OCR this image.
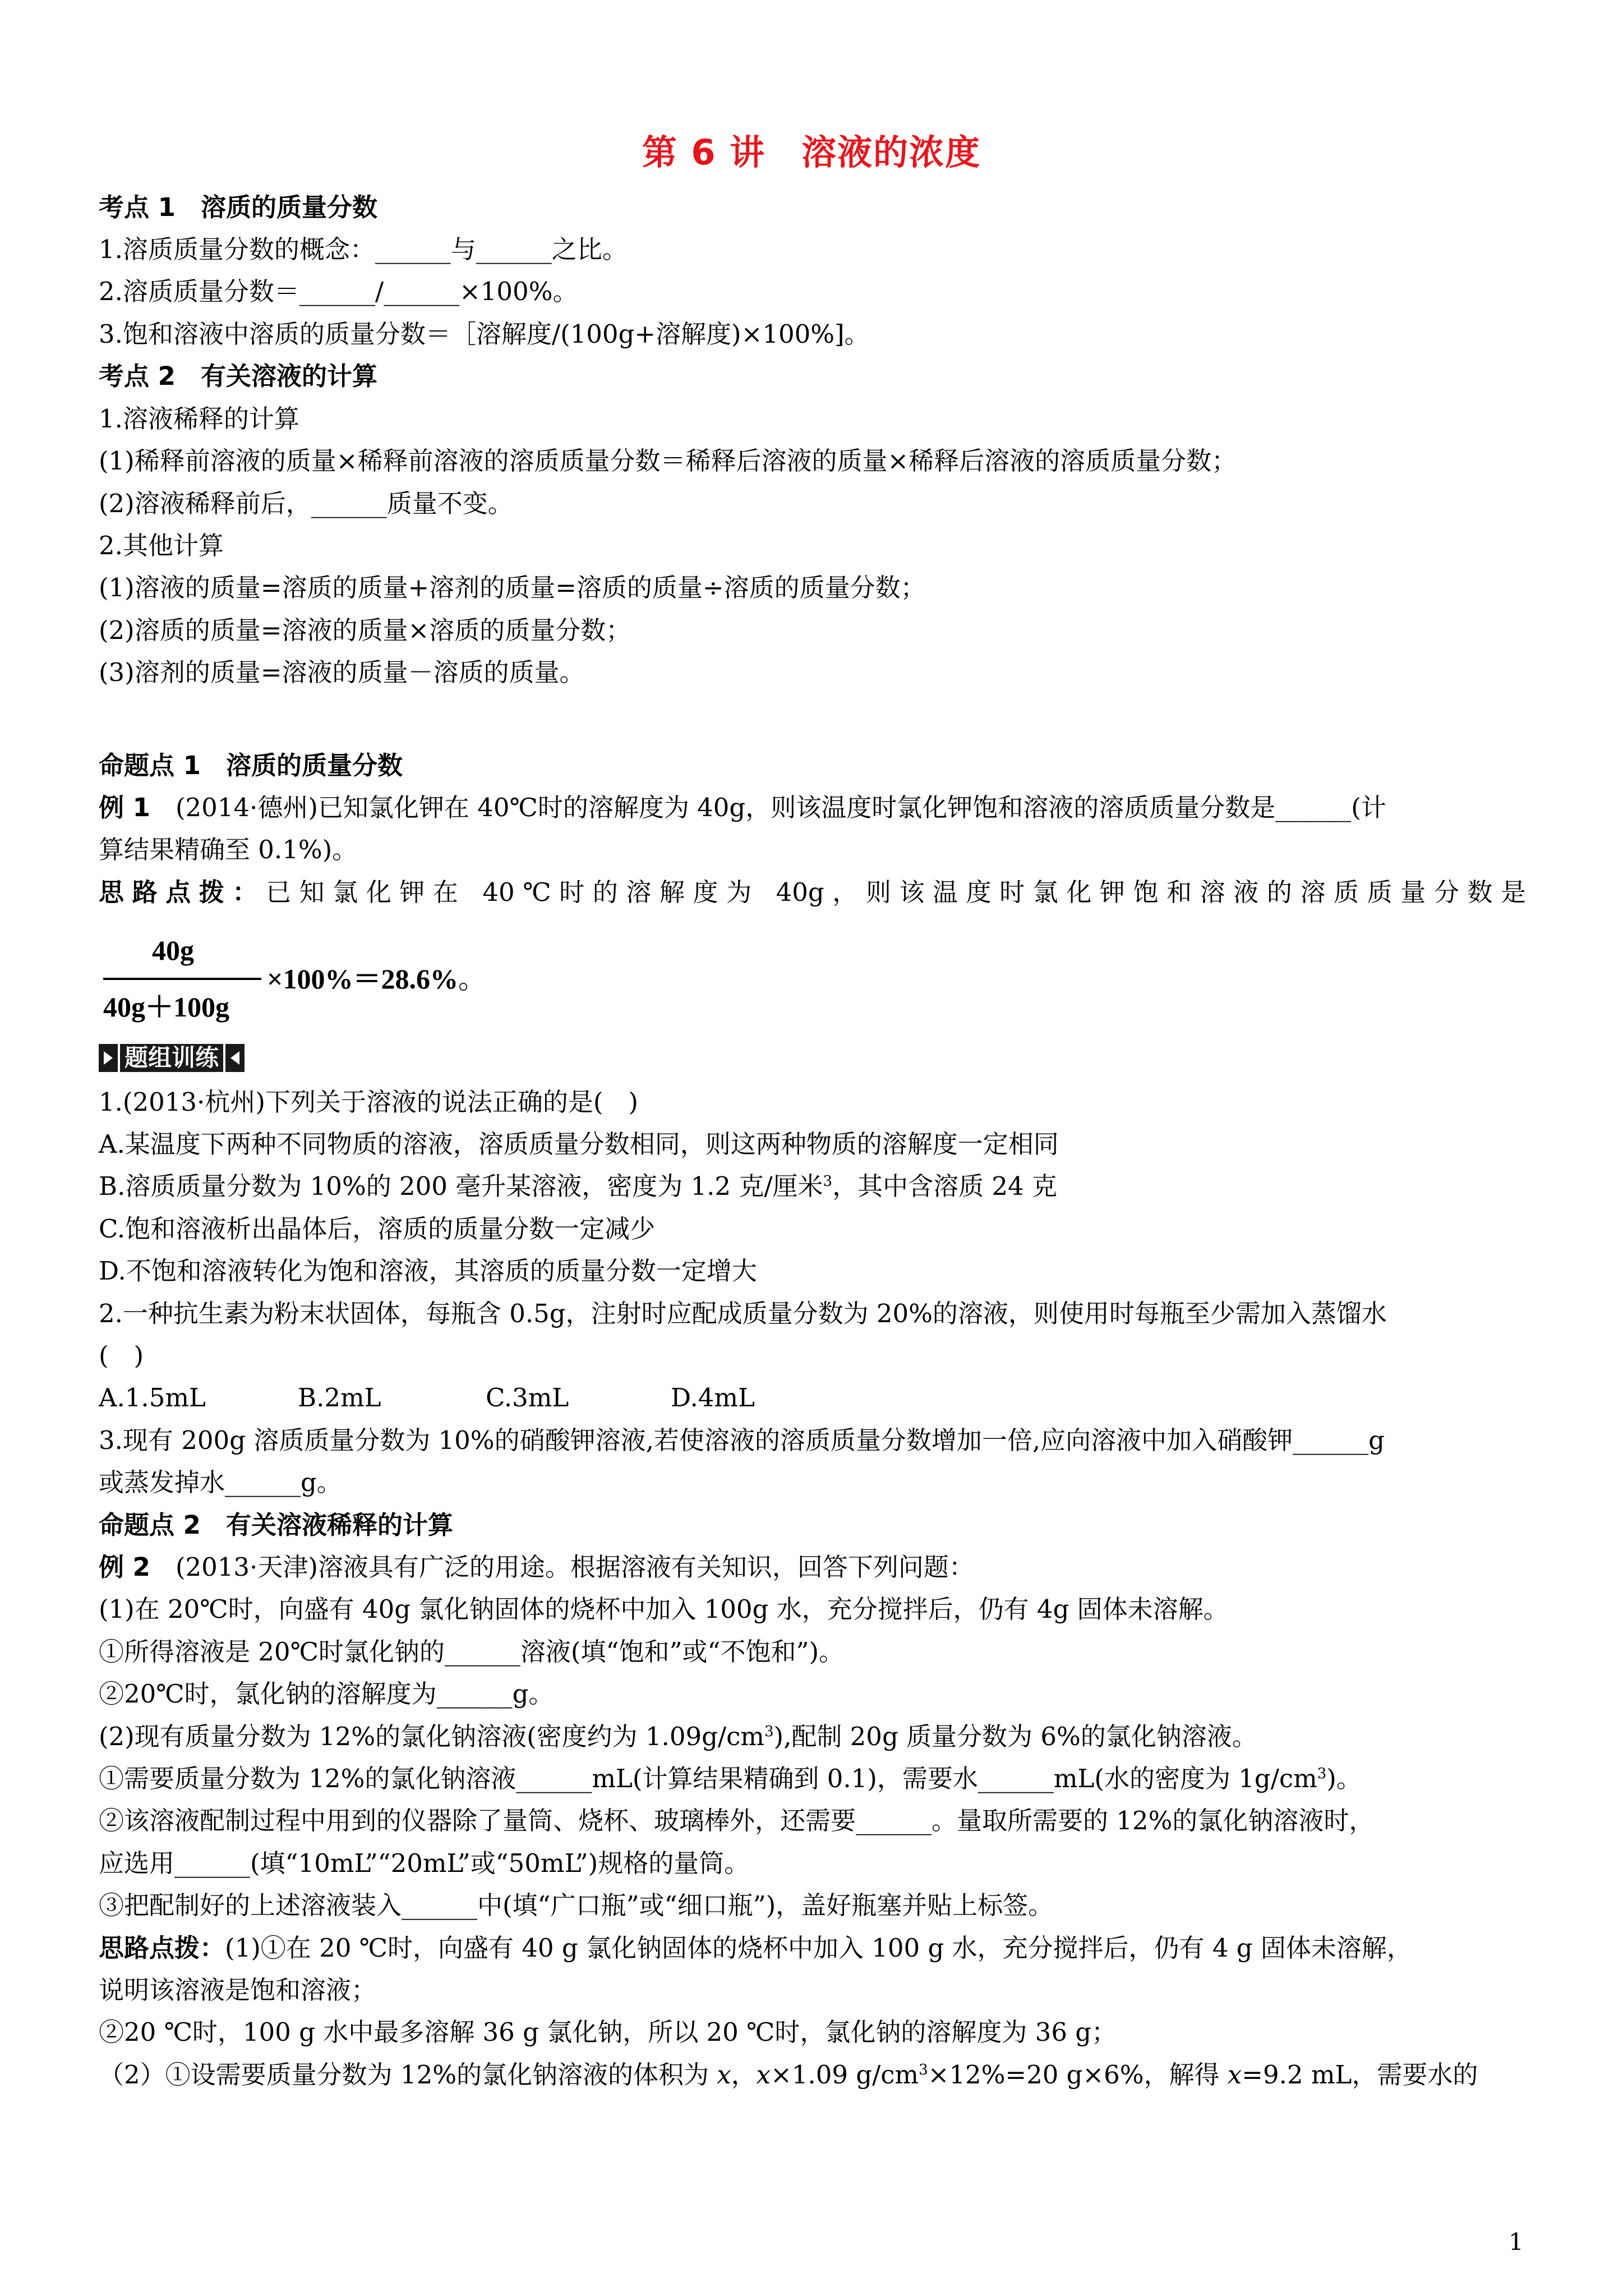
第 6 讲　溶液的浓度
考点 1　溶质的质量分数
1.溶质质量分数的概念：______与______之比。
2.溶质质量分数＝______/______×100%。
3.饱和溶液中溶质的质量分数＝［溶解度/(100g+溶解度)×100%]。
考点 2　有关溶液的计算
1.溶液稀释的计算
(1)稀释前溶液的质量×稀释前溶液的溶质质量分数＝稀释后溶液的质量×稀释后溶液的溶质质量分数；
(2)溶液稀释前后，______质量不变。
2.其他计算
(1)溶液的质量=溶质的质量+溶剂的质量=溶质的质量÷溶质的质量分数；
(2)溶质的质量=溶液的质量×溶质的质量分数；
(3)溶剂的质量=溶液的质量－溶质的质量。
命题点 1　溶质的质量分数
例 1　(2014·德州)已知氯化钾在 40℃时的溶解度为 40g，则该温度时氯化钾饱和溶液的溶质质量分数是______(计
算结果精确至 0.1%)。
思路点拨：已知氯化钾在 40℃时的溶解度为 40g，则该温度时氯化钾饱和溶液的溶质质量分数是
40g
40g＋100g
×100%＝28.6%。
题组训练
1.(2013·杭州)下列关于溶液的说法正确的是(　)
A.某温度下两种不同物质的溶液，溶质质量分数相同，则这两种物质的溶解度一定相同
B.溶质质量分数为 10%的 200 毫升某溶液，密度为 1.2 克/厘米$^3$，其中含溶质 24 克
C.饱和溶液析出晶体后，溶质的质量分数一定减少
D.不饱和溶液转化为饱和溶液，其溶质的质量分数一定增大
2.一种抗生素为粉末状固体，每瓶含 0.5g，注射时应配成质量分数为 20%的溶液，则使用时每瓶至少需加入蒸馏水
(　)
A.1.5mL	B.2mL	C.3mL	D.4mL
3.现有 200g 溶质质量分数为 10%的硝酸钾溶液,若使溶液的溶质质量分数增加一倍,应向溶液中加入硝酸钾______g
或蒸发掉水______g。
命题点 2　有关溶液稀释的计算
例 2　(2013·天津)溶液具有广泛的用途。根据溶液有关知识，回答下列问题：
(1)在 20℃时，向盛有 40g 氯化钠固体的烧杯中加入 100g 水，充分搅拌后，仍有 4g 固体未溶解。
①所得溶液是 20℃时氯化钠的______溶液(填“饱和”或“不饱和”)。
②20℃时，氯化钠的溶解度为______g。
(2)现有质量分数为 12%的氯化钠溶液(密度约为 $1.09g/cm^3$),配制 20g 质量分数为 6%的氯化钠溶液。
①需要质量分数为 12%的氯化钠溶液______mL(计算结果精确到 0.1)，需要水______mL(水的密度为 $1g/cm^3$)。
②该溶液配制过程中用到的仪器除了量筒、烧杯、玻璃棒外，还需要______。量取所需要的 12%的氯化钠溶液时，
应选用______(填“10mL”“20mL”或“50mL”)规格的量筒。
③把配制好的上述溶液装入______中(填“广口瓶”或“细口瓶”)，盖好瓶塞并贴上标签。
思路点拨：(1)①在 20 ℃时，向盛有 40 g 氯化钠固体的烧杯中加入 100 g 水，充分搅拌后，仍有 4 g 固体未溶解，
说明该溶液是饱和溶液；
②20 ℃时，100 g 水中最多溶解 36 g 氯化钠，所以 20 ℃时，氯化钠的溶解度为 36 g；
（2）①设需要质量分数为 12%的氯化钠溶液的体积为 x，x×1.09 $g/cm^3\times 12\%=20$ g×6%，解得 x=9.2 mL，需要水的
1
